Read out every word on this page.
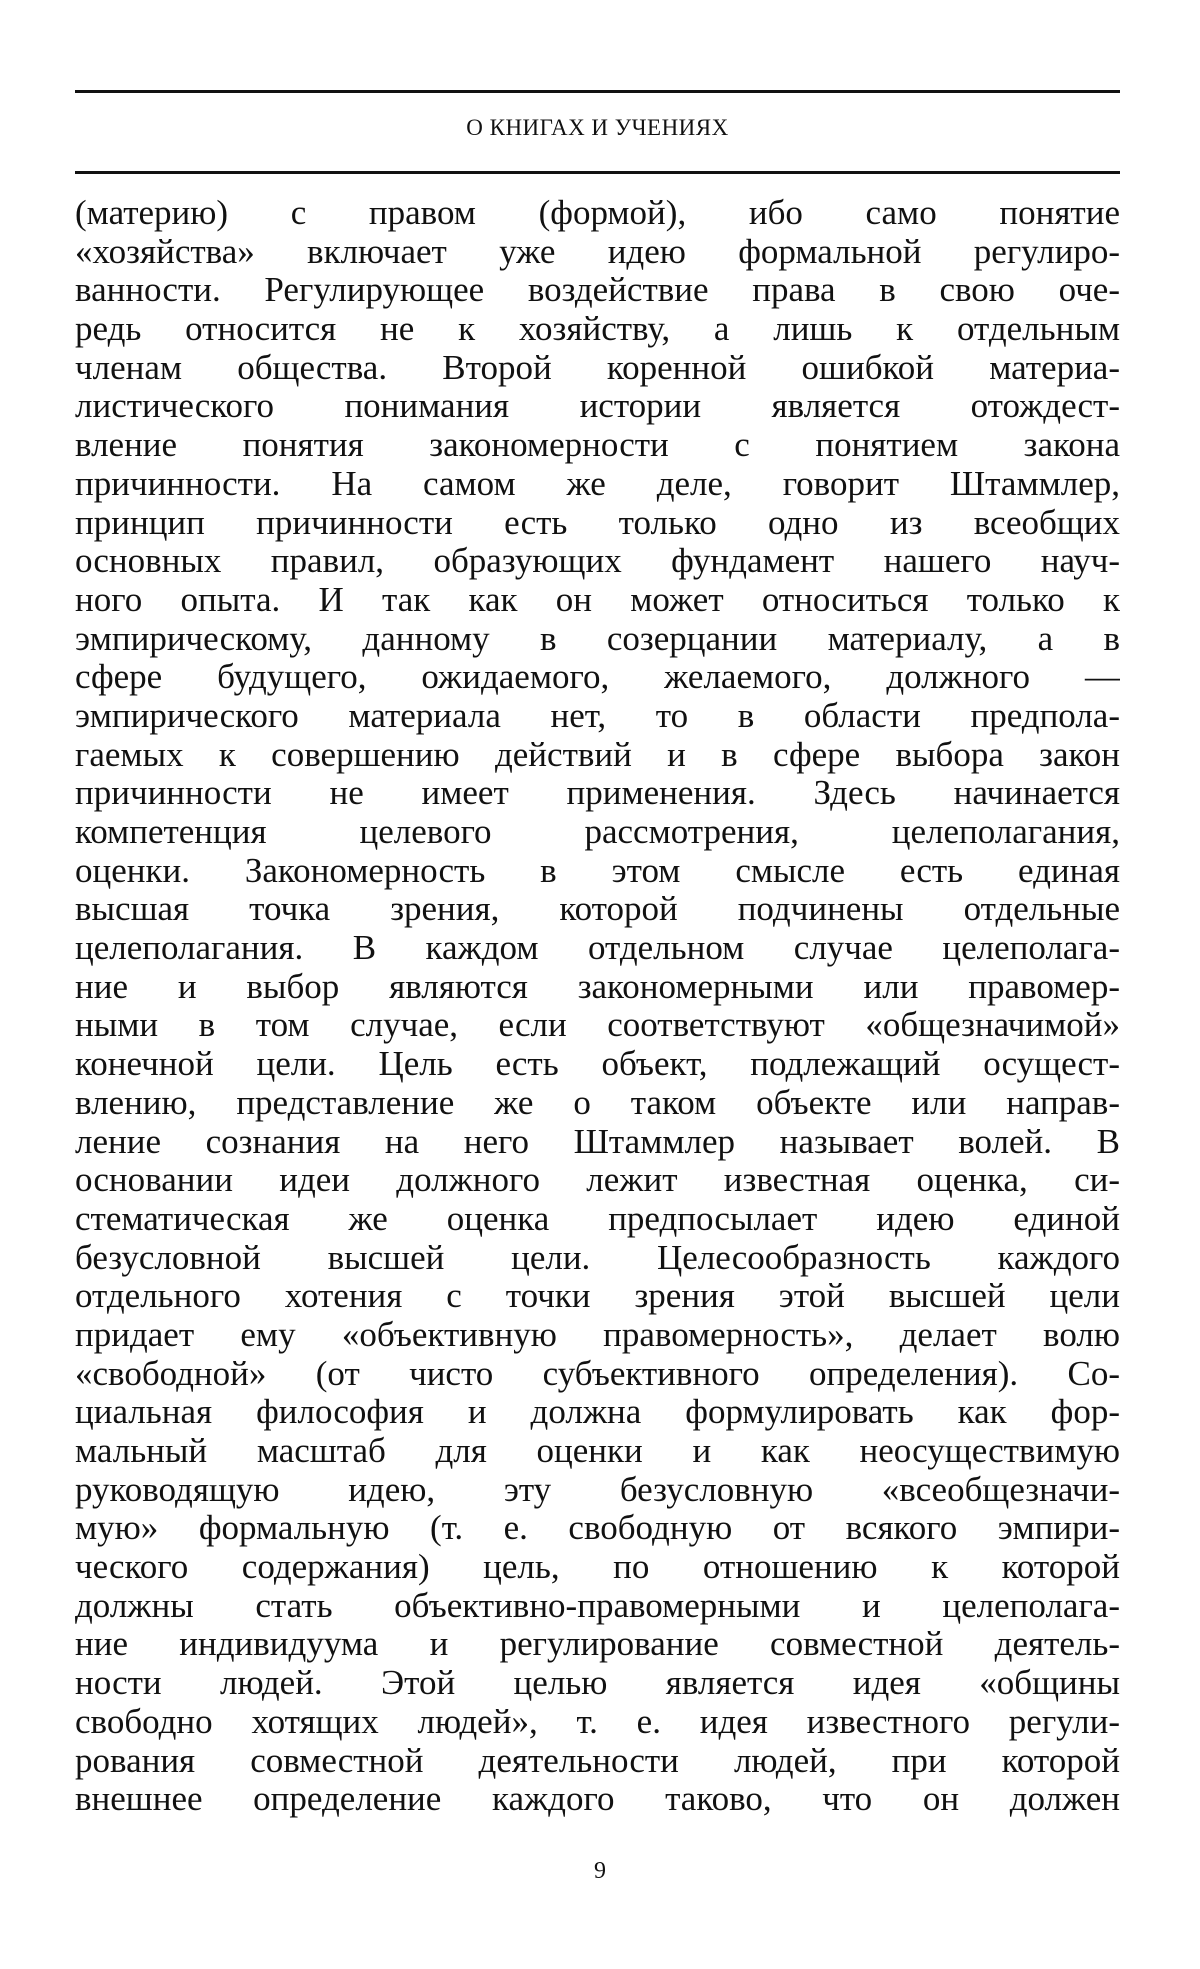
О КНИГАХ И УЧЕНИЯХ
(материю) с правом (формой), ибо само понятие
«хозяйства» включает уже идею формальной регулиро-
ванности. Регулирующее воздействие права в свою оче-
редь относится не к хозяйству, а лишь к отдельным
членам общества. Второй коренной ошибкой материа-
листического понимания истории является отождест-
вление понятия закономерности с понятием закона
причинности. На самом же деле, говорит Штаммлер,
принцип причинности есть только одно из всеобщих
основных правил, образующих фундамент нашего науч-
ного опыта. И так как он может относиться только к
эмпирическому, данному в созерцании материалу, а в
сфере будущего, ожидаемого, желаемого, должного —
эмпирического материала нет, то в области предпола-
гаемых к совершению действий и в сфере выбора закон
причинности не имеет применения. Здесь начинается
компетенция целевого рассмотрения, целеполагания,
оценки. Закономерность в этом смысле есть единая
высшая точка зрения, которой подчинены отдельные
целеполагания. В каждом отдельном случае целеполага-
ние и выбор являются закономерными или правомер-
ными в том случае, если соответствуют «общезначимой»
конечной цели. Цель есть объект, подлежащий осущест-
влению, представление же о таком объекте или направ-
ление сознания на него Штаммлер называет волей. В
основании идеи должного лежит известная оценка, си-
стематическая же оценка предпосылает идею единой
безусловной высшей цели. Целесообразность каждого
отдельного хотения с точки зрения этой высшей цели
придает ему «объективную правомерность», делает волю
«свободной» (от чисто субъективного определения). Со-
циальная философия и должна формулировать как фор-
мальный масштаб для оценки и как неосуществимую
руководящую идею, эту безусловную «всеобщезначи-
мую» формальную (т. е. свободную от всякого эмпири-
ческого содержания) цель, по отношению к которой
должны стать объективно-правомерными и целеполага-
ние индивидуума и регулирование совместной деятель-
ности людей. Этой целью является идея «общины
свободно хотящих людей», т. е. идея известного регули-
рования совместной деятельности людей, при которой
внешнее определение каждого таково, что он должен
9
